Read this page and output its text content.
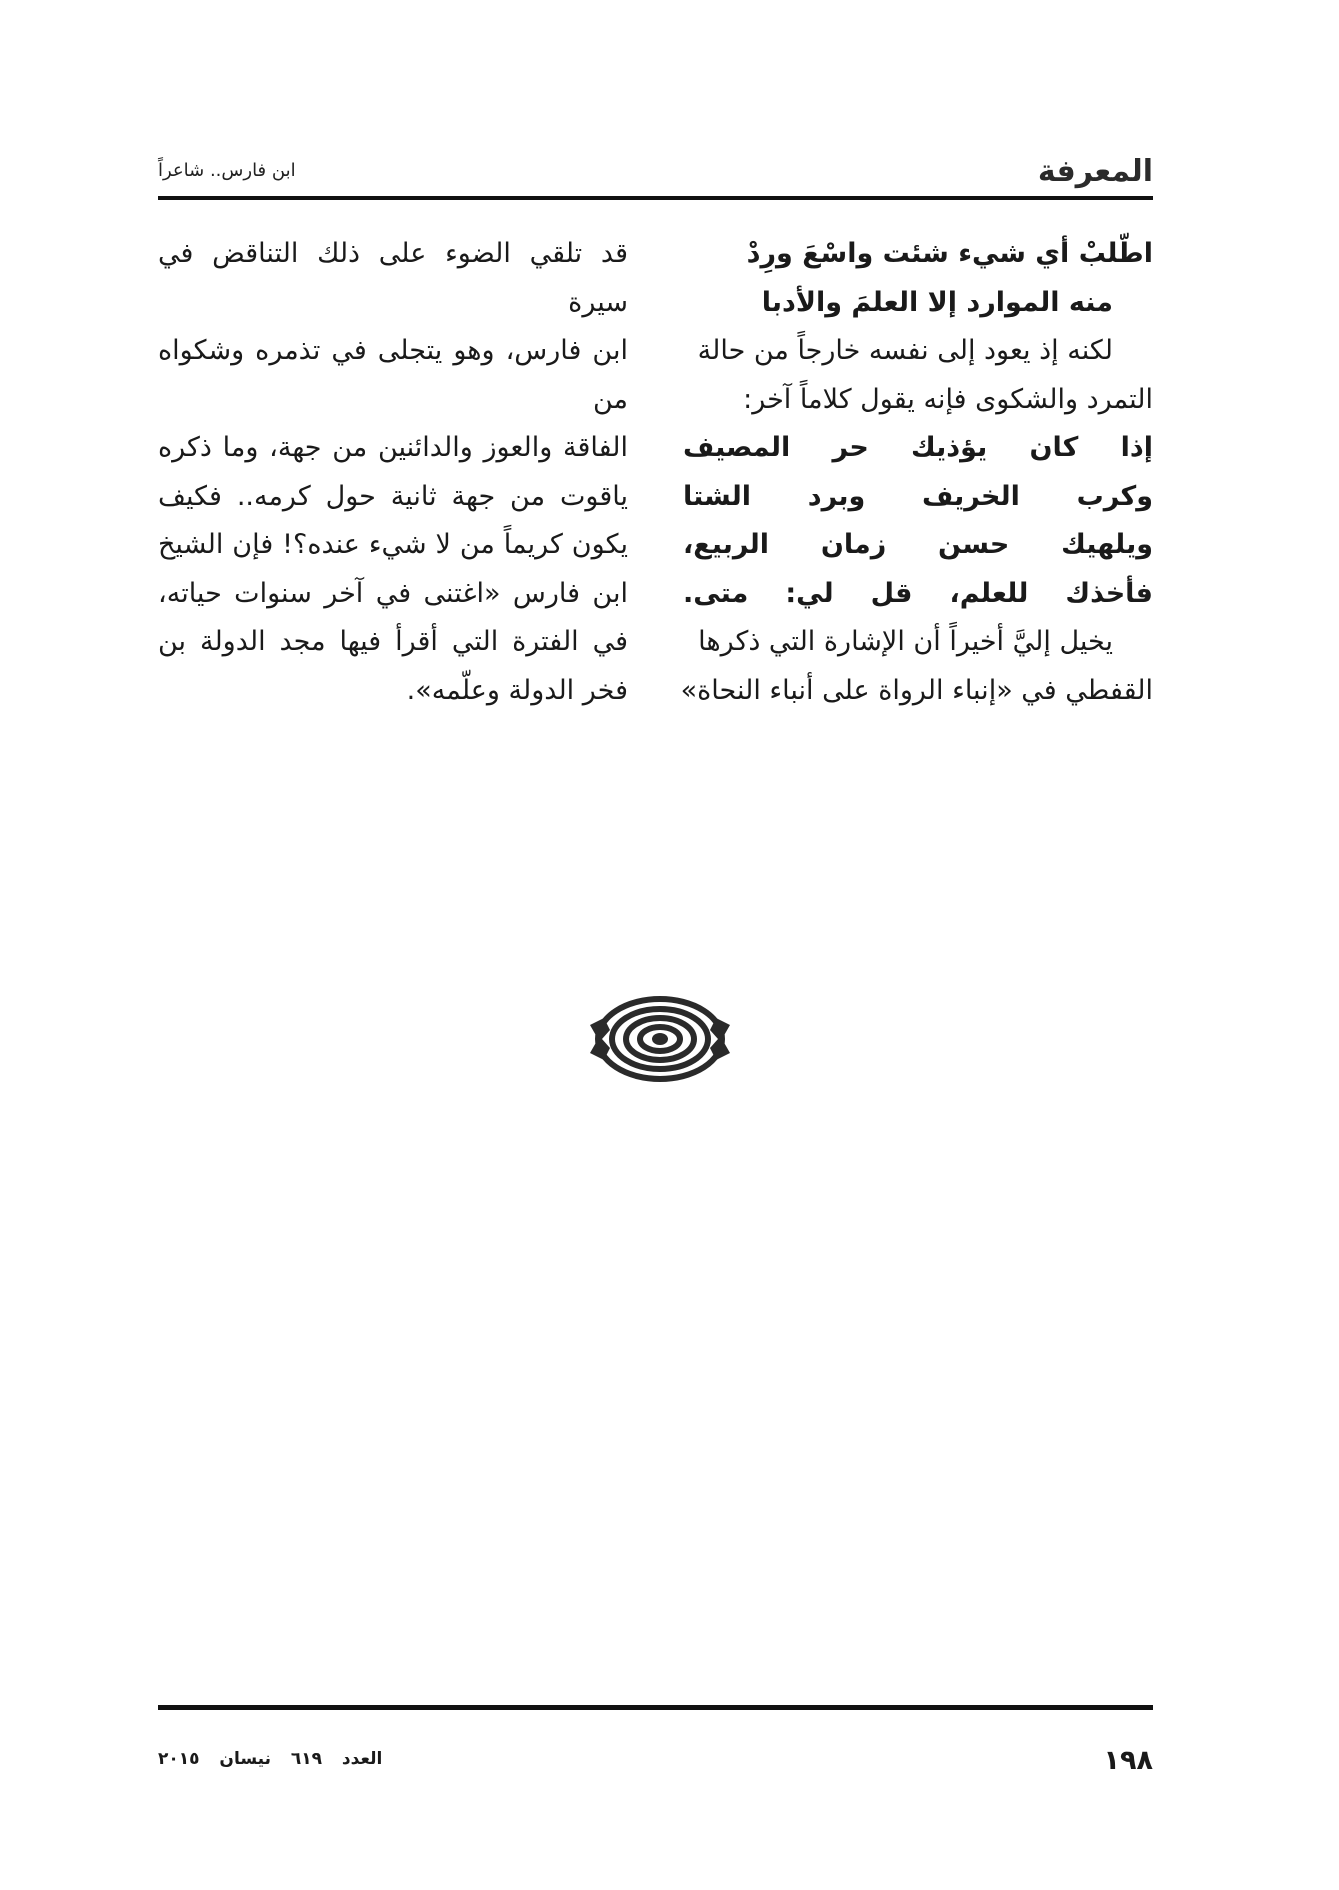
المعرفة
ابن فارس.. شاعراً
اطّلبْ أي شيء شئت واسْعَ ورِدْ
منه الموارد إلا العلمَ والأدبا
لكنه إذ يعود إلى نفسه خارجاً من حالة
التمرد والشكوى فإنه يقول كلاماً آخر:
إذا كان يؤذيك حر المصيف
وكرب الخريف وبرد الشتا
ويلهيك حسن زمان الربيع،
فأخذك للعلم، قل لي: متى.
يخيل إليَّ أخيراً أن الإشارة التي ذكرها
القفطي في «إنباء الرواة على أنباء النحاة»
قد تلقي الضوء على ذلك التناقض في سيرة
ابن فارس، وهو يتجلى في تذمره وشكواه من
الفاقة والعوز والدائنين من جهة، وما ذكره
ياقوت من جهة ثانية حول كرمه.. فكيف
يكون كريماً من لا شيء عنده؟! فإن الشيخ
ابن فارس «اغتنى في آخر سنوات حياته،
في الفترة التي أقرأ فيها مجد الدولة بن
فخر الدولة وعلّمه».
١٩٨
العدد ٦١٩ نيسان ٢٠١٥
